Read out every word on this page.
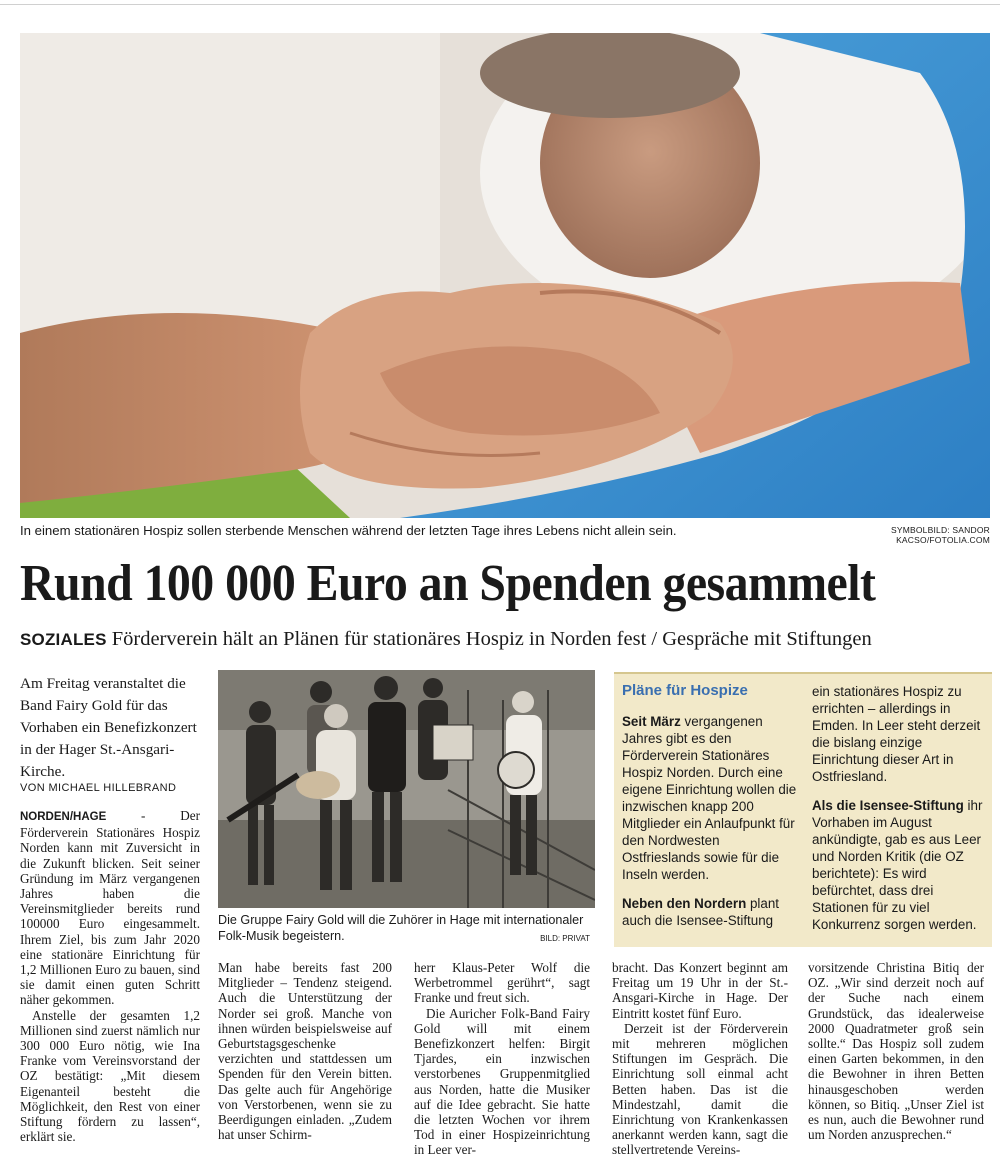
In einem stationären Hospiz sollen sterbende Menschen während der letzten Tage ihres Lebens nicht allein sein.	SYMBOLBILD: SANDOR KACSO/FOTOLIA.COM
Rund 100 000 Euro an Spenden gesammelt
SOZIALES Förderverein hält an Plänen für stationäres Hospiz in Norden fest / Gespräche mit Stiftungen
Am Freitag veranstaltet die Band Fairy Gold für das Vorhaben ein Benefizkonzert in der Hager St.-Ansgari-Kirche.
VON MICHAEL HILLEBRAND

NORDEN/HAGE - Der Förderverein Stationäres Hospiz Norden kann mit Zuversicht in die Zukunft blicken. Seit seiner Gründung im März vergangenen Jahres haben die Vereinsmitglieder bereits rund 100000 Euro eingesammelt. Ihrem Ziel, bis zum Jahr 2020 eine stationäre Einrichtung für 1,2 Millionen Euro zu bauen, sind sie damit einen guten Schritt näher gekommen.

Anstelle der gesamten 1,2 Millionen sind zuerst nämlich nur 300 000 Euro nötig, wie Ina Franke vom Vereinsvorstand der OZ bestätigt: „Mit diesem Eigenanteil besteht die Möglichkeit, den Rest von einer Stiftung fördern zu lassen“, erklärt sie.

Die Gruppe Fairy Gold will die Zuhörer in Hage mit internationaler Folk-Musik begeistern.	BILD: PRIVAT
Pläne für Hospize

Seit März vergangenen Jahres gibt es den Förderverein Stationäres Hospiz Norden. Durch eine eigene Einrichtung wollen die inzwischen knapp 200 Mitglieder ein Anlaufpunkt für den Nordwesten Ostfrieslands sowie für die Inseln werden.

Neben den Nordern plant auch die Isensee-Stiftung

ein stationäres Hospiz zu errichten – allerdings in Emden. In Leer steht derzeit die bislang einzige Einrichtung dieser Art in Ostfriesland.

Als die Isensee-Stiftung ihr Vorhaben im August ankündigte, gab es aus Leer und Norden Kritik (die OZ berichtete): Es wird befürchtet, dass drei Stationen für zu viel Konkurrenz sorgen werden.

Man habe bereits fast 200 Mitglieder – Tendenz steigend. Auch die Unterstützung der Norder sei groß. Manche von ihnen würden beispielsweise auf Geburtstagsgeschenke verzichten und stattdessen um Spenden für den Verein bitten. Das gelte auch für Angehörige von Verstorbenen, wenn sie zu Beerdigungen einladen. „Zudem hat unser Schirm-

herr Klaus-Peter Wolf die Werbetrommel gerührt“, sagt Franke und freut sich.

Die Auricher Folk-Band Fairy Gold will mit einem Benefizkonzert helfen: Birgit Tjardes, ein inzwischen verstorbenes Gruppenmitglied aus Norden, hatte die Musiker auf die Idee gebracht. Sie hatte die letzten Wochen vor ihrem Tod in einer Hospizeinrichtung in Leer ver-

bracht. Das Konzert beginnt am Freitag um 19 Uhr in der St.-Ansgari-Kirche in Hage. Der Eintritt kostet fünf Euro.

Derzeit ist der Förderverein mit mehreren möglichen Stiftungen im Gespräch. Die Einrichtung soll einmal acht Betten haben. Das ist die Mindestzahl, damit die Einrichtung von Krankenkassen anerkannt werden kann, sagt die stellvertretende Vereins-

vorsitzende Christina Bitiq der OZ. „Wir sind derzeit noch auf der Suche nach einem Grundstück, das idealerweise 2000 Quadratmeter groß sein sollte.“ Das Hospiz soll zudem einen Garten bekommen, in den die Bewohner in ihren Betten hinausgeschoben werden können, so Bitiq. „Unser Ziel ist es nun, auch die Bewohner rund um Norden anzusprechen.“
